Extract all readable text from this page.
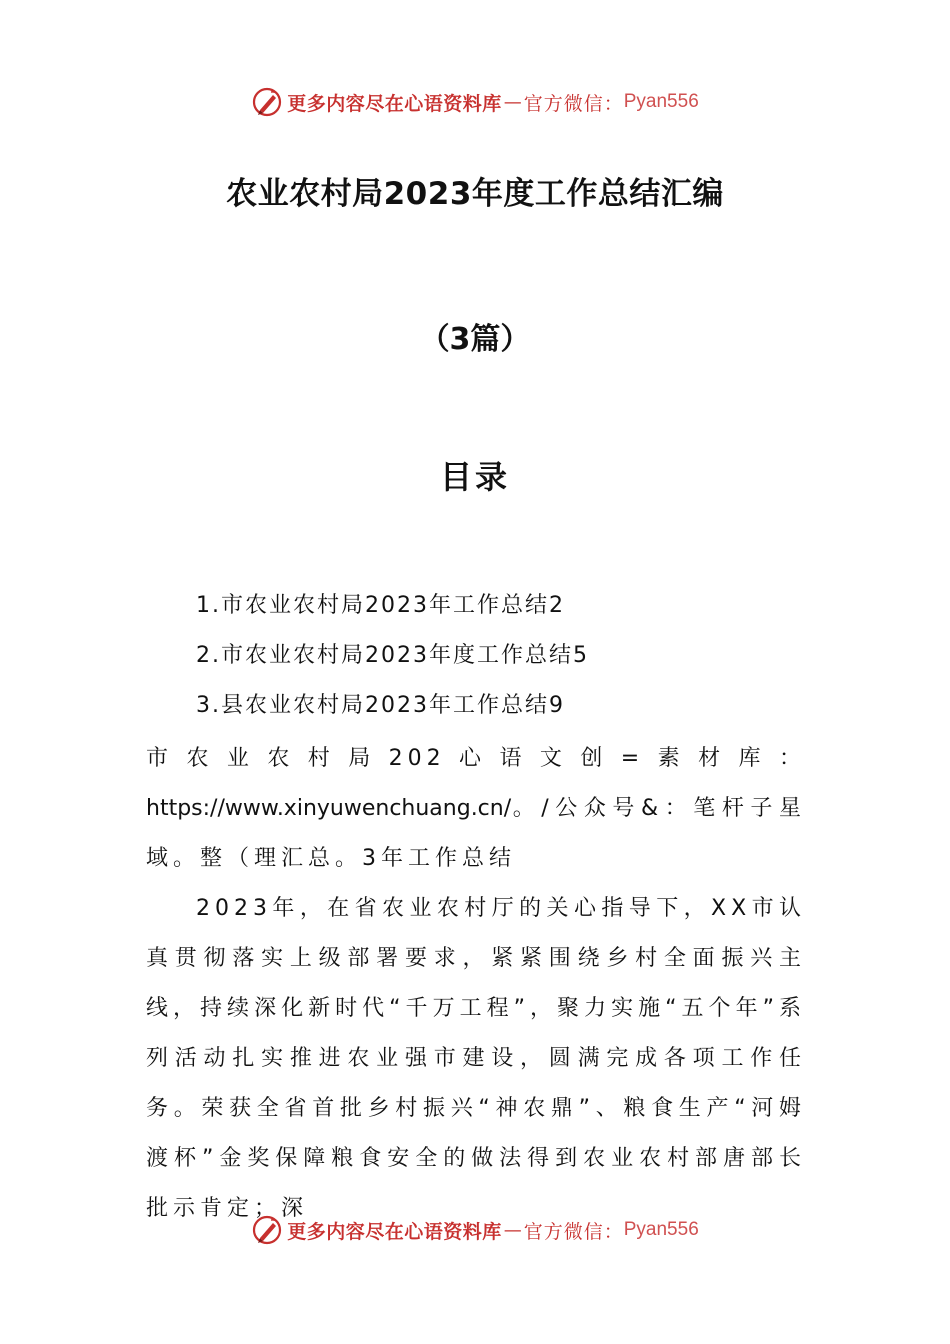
更多内容尽在心语资料库 — 官方微信： Pyan556
农业农村局2023年度工作总结汇编
（3篇）
目录
1.市农业农村局2023年工作总结2
2.市农业农村局2023年度工作总结5
3.县农业农村局2023年工作总结9

市农业农村局202心语文创=素材库：https://www.xinyuwenchuang.cn/。/公众号&：笔杆子星域。整（理汇总。3年工作总结

2023年，在省农业农村厅的关心指导下，XX市认真贯彻落实上级部署要求，紧紧围绕乡村全面振兴主线，持续深化新时代“千万工程”，聚力实施“五个年”系列活动扎实推进农业强市建设，圆满完成各项工作任务。荣获全省首批乡村振兴“神农鼎”、粮食生产“河姆渡杯”金奖保障粮食安全的做法得到农业农村部唐部长批示肯定；深

更多内容尽在心语资料库 — 官方微信： Pyan556
